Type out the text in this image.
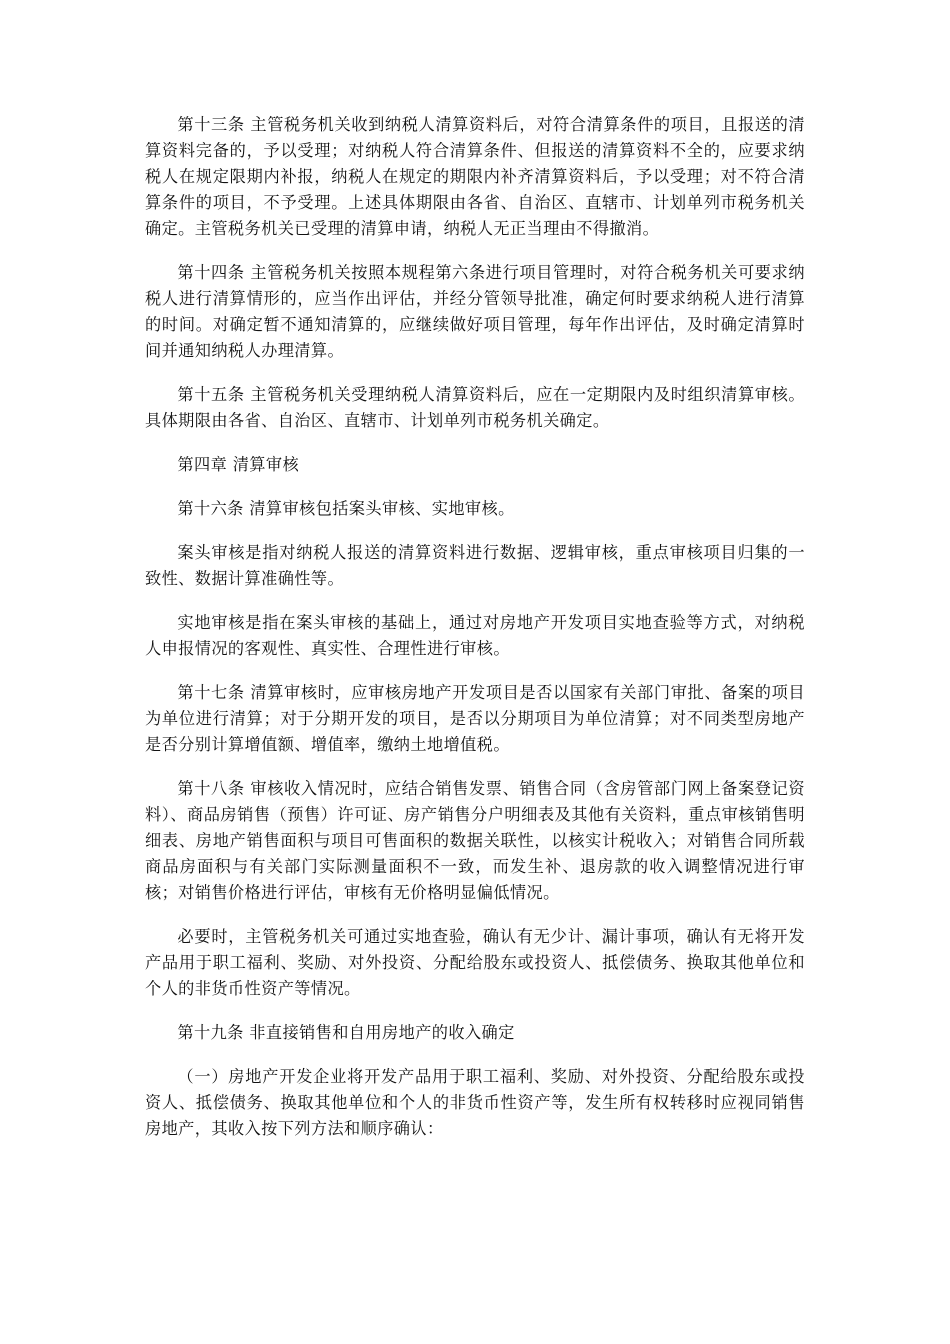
第十三条 主管税务机关收到纳税人清算资料后，对符合清算条件的项目，且报送的清算资料完备的，予以受理；对纳税人符合清算条件、但报送的清算资料不全的，应要求纳税人在规定限期内补报，纳税人在规定的期限内补齐清算资料后，予以受理；对不符合清算条件的项目，不予受理。上述具体期限由各省、自治区、直辖市、计划单列市税务机关确定。主管税务机关已受理的清算申请，纳税人无正当理由不得撤消。

第十四条 主管税务机关按照本规程第六条进行项目管理时，对符合税务机关可要求纳税人进行清算情形的，应当作出评估，并经分管领导批准，确定何时要求纳税人进行清算的时间。对确定暂不通知清算的，应继续做好项目管理，每年作出评估，及时确定清算时间并通知纳税人办理清算。

第十五条 主管税务机关受理纳税人清算资料后，应在一定期限内及时组织清算审核。具体期限由各省、自治区、直辖市、计划单列市税务机关确定。

第四章 清算审核

第十六条 清算审核包括案头审核、实地审核。

案头审核是指对纳税人报送的清算资料进行数据、逻辑审核，重点审核项目归集的一致性、数据计算准确性等。

实地审核是指在案头审核的基础上，通过对房地产开发项目实地查验等方式，对纳税人申报情况的客观性、真实性、合理性进行审核。

第十七条 清算审核时，应审核房地产开发项目是否以国家有关部门审批、备案的项目为单位进行清算；对于分期开发的项目，是否以分期项目为单位清算；对不同类型房地产是否分别计算增值额、增值率，缴纳土地增值税。

第十八条 审核收入情况时，应结合销售发票、销售合同（含房管部门网上备案登记资料）、商品房销售（预售）许可证、房产销售分户明细表及其他有关资料，重点审核销售明细表、房地产销售面积与项目可售面积的数据关联性，以核实计税收入；对销售合同所载商品房面积与有关部门实际测量面积不一致，而发生补、退房款的收入调整情况进行审核；对销售价格进行评估，审核有无价格明显偏低情况。

必要时，主管税务机关可通过实地查验，确认有无少计、漏计事项，确认有无将开发产品用于职工福利、奖励、对外投资、分配给股东或投资人、抵偿债务、换取其他单位和个人的非货币性资产等情况。

第十九条 非直接销售和自用房地产的收入确定

（一）房地产开发企业将开发产品用于职工福利、奖励、对外投资、分配给股东或投资人、抵偿债务、换取其他单位和个人的非货币性资产等，发生所有权转移时应视同销售房地产，其收入按下列方法和顺序确认：
